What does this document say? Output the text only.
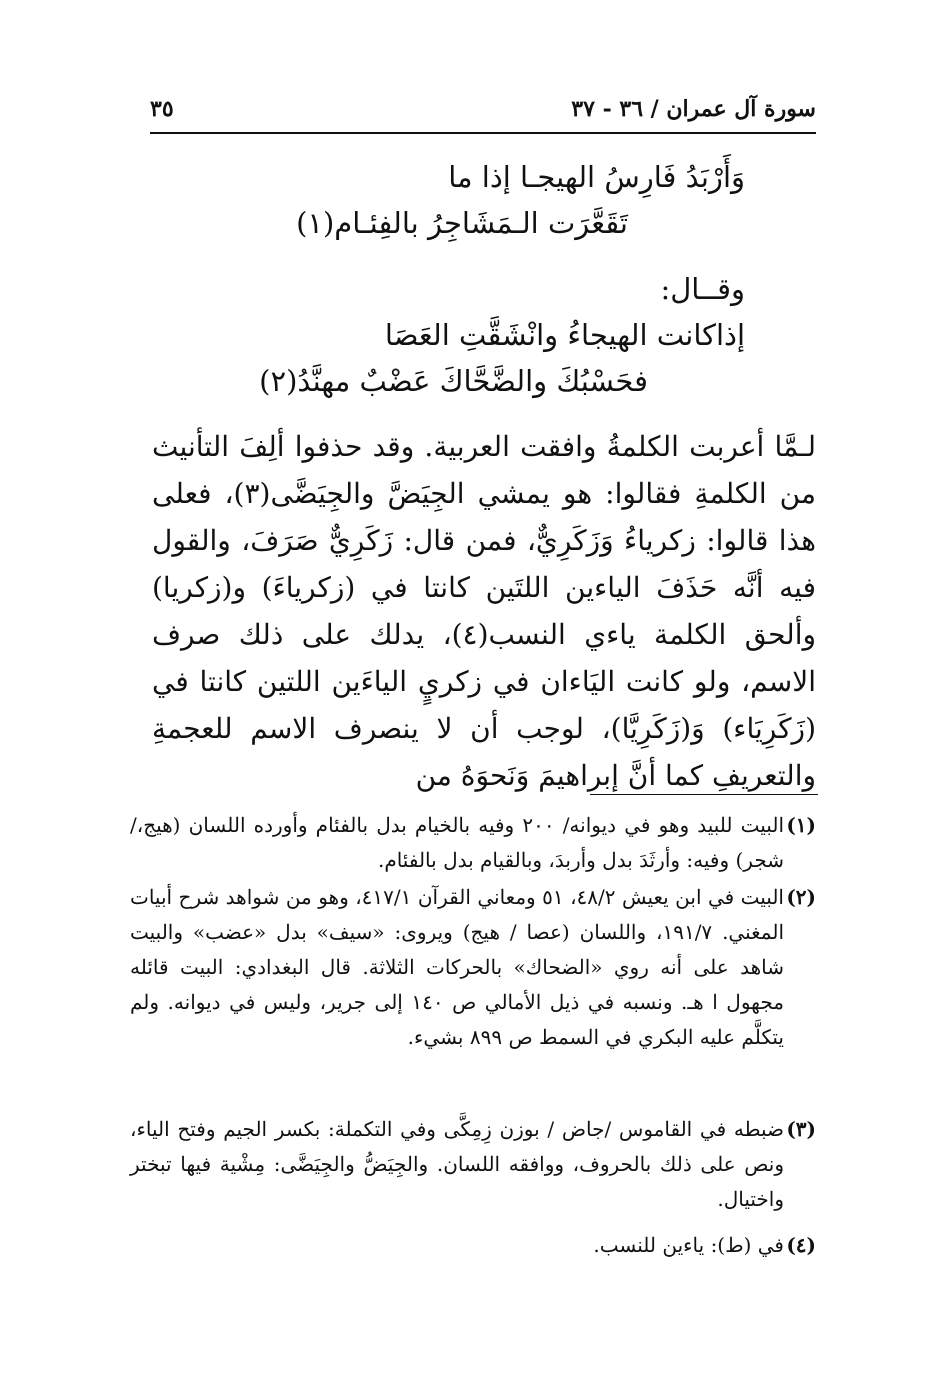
سورة آل عمران / ٣٦ - ٣٧
٣٥
وَأَرْبَدُ فَارِسُ الهيجـا إذا ما
تَقَعَّرَت الـمَشَاجِرُ بالفِئـام(١)
وقــال:
إذاكانت الهيجاءُ وانْشَقَّتِ العَصَا
فحَسْبُكَ والضَّحَّاكَ عَضْبٌ مهنَّدُ(٢)

لـمَّا أعربت الكلمةُ وافقت العربية. وقد حذفوا ألِفَ التأنيث من الكلمةِ فقالوا: هو يمشي الجِيَضَّ والجِيَضَّى(٣)، فعلى هذا قالوا: زكرياءُ وَزَكَرِيٌّ، فمن قال: زَكَرِيٌّ صَرَفَ، والقول فيه أنَّه حَذَفَ الياءين اللتَين كانتا في (زكرياءَ) و(زكريا) وألحق الكلمة ياءي النسب(٤)، يدلك على ذلك صرف الاسم، ولو كانت اليَاءان في زكريٍ الياءَين اللتين كانتا في (زَكَرِيَاء) وَ(زَكَرِيَّا)، لوجب أن لا ينصرف الاسم للعجمةِ والتعريفِ كما أنَّ إبراهيمَ وَنَحوَهُ من

(١)
البيت للبيد وهو في ديوانه/ ٢٠٠ وفيه بالخيام بدل بالفئام وأورده اللسان (هيج،/ شجر) وفيه: وأرثَدَ بدل وأربدَ، وبالقيام بدل بالفئام.
(٢)
البيت في ابن يعيش ٤٨/٢، ٥١ ومعاني القرآن ٤١٧/١، وهو من شواهد شرح أبيات المغني. ١٩١/٧، واللسان (عصا / هيج) ويروى: «سيف» بدل «عضب» والبيت شاهد على أنه روي «الضحاك» بالحركات الثلاثة. قال البغدادي: البيت قائله مجهول ا هـ. ونسبه في ذيل الأمالي ص ١٤٠ إلى جرير، وليس في ديوانه. ولم يتكلَّم عليه البكري في السمط ص ٨٩٩ بشيء.
(٣)
ضبطه في القاموس /جاض / بوزن زِمِكَّى وفي التكملة: بكسر الجيم وفتح الياء، ونص على ذلك بالحروف، ووافقه اللسان. والجِيَضُّ والجِيَضَّى: مِشْية فيها تبختر واختيال.
(٤)
في (ط): ياءين للنسب.
